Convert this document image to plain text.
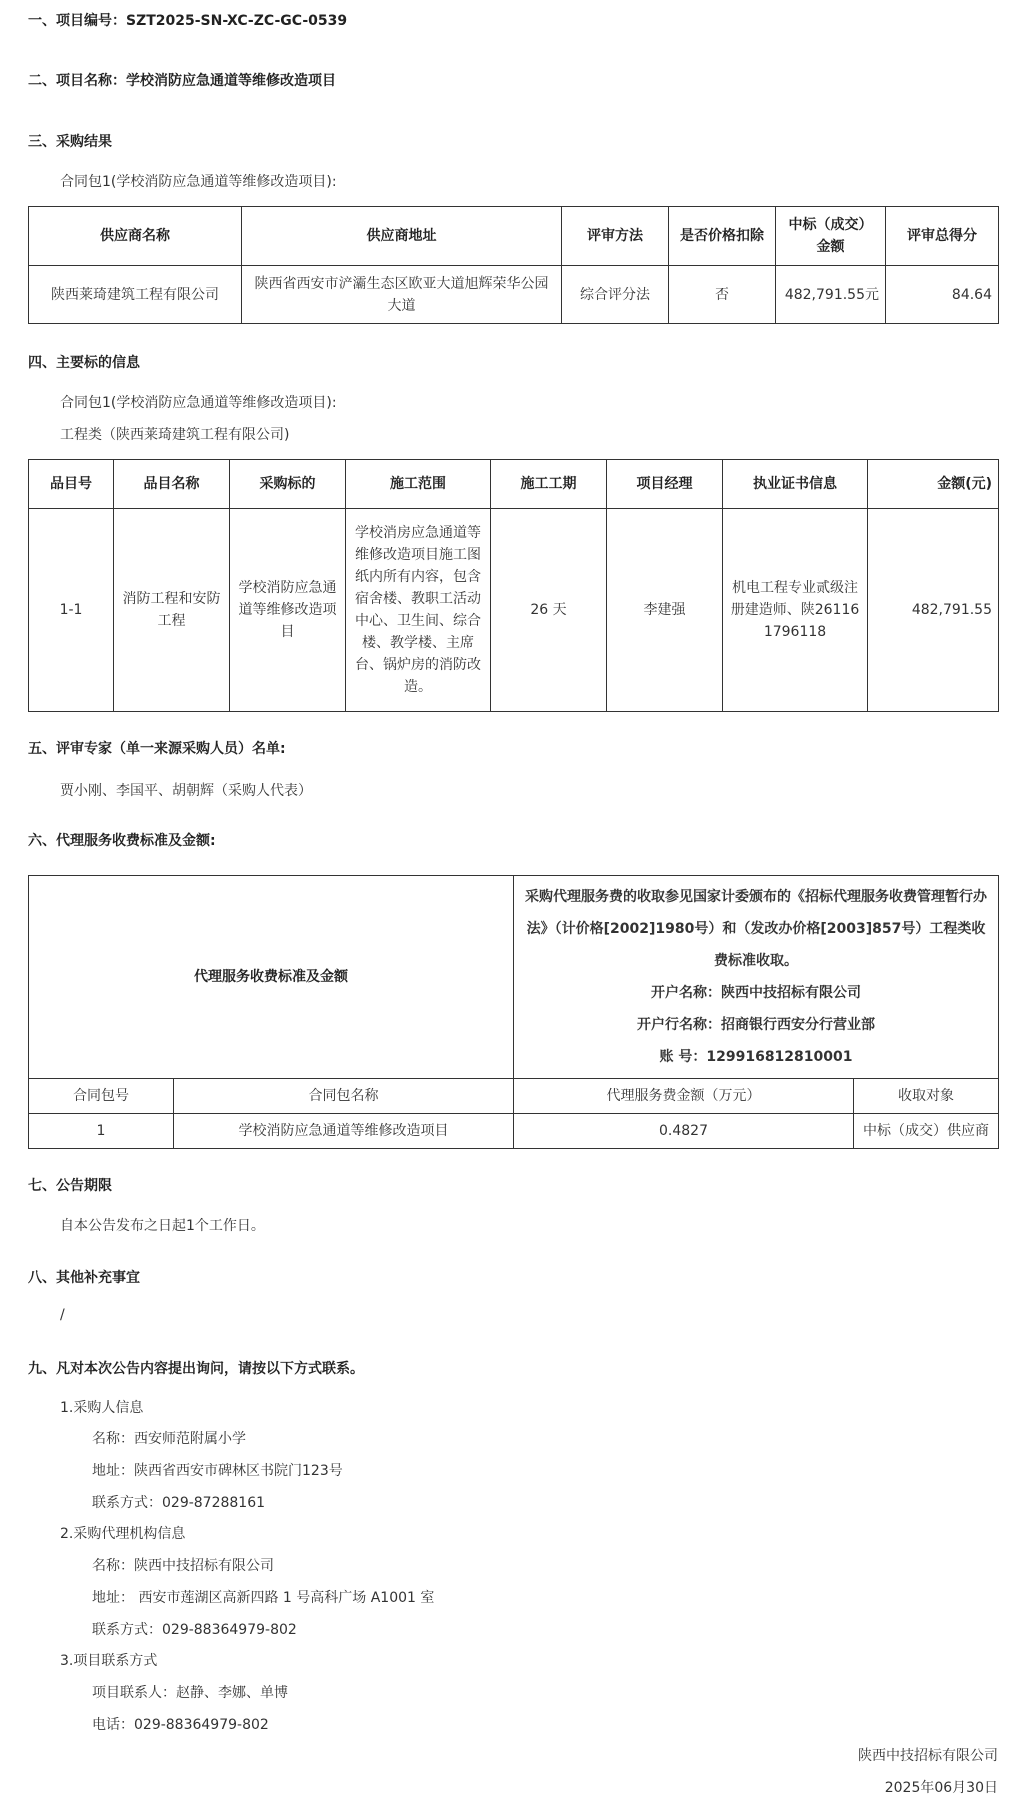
一、项目编号：SZT2025-SN-XC-ZC-GC-0539
二、项目名称：学校消防应急通道等维修改造项目
三、采购结果
合同包1(学校消防应急通道等维修改造项目):
供应商名称	供应商地址	评审方法	是否价格扣除	中标（成交）金额	评审总得分
陕西莱琦建筑工程有限公司	陕西省西安市浐灞生态区欧亚大道旭辉荣华公园大道	综合评分法	否	482,791.55元	84.64
四、主要标的信息
合同包1(学校消防应急通道等维修改造项目):
工程类（陕西莱琦建筑工程有限公司)
品目号	品目名称	采购标的	施工范围	施工工期	项目经理	执业证书信息	金额(元)
1-1	消防工程和安防工程	学校消防应急通道等维修改造项目	学校消房应急通道等维修改造项目施工图纸内所有内容，包含宿舍楼、教职工活动中心、卫生间、综合楼、教学楼、主席台、锅炉房的消防改造。	26 天	李建强	机电工程专业贰级注册建造师、陕261161796118	482,791.55
五、评审专家（单一来源采购人员）名单:
贾小刚、李国平、胡朝辉（采购人代表）
六、代理服务收费标准及金额:
代理服务收费标准及金额		采购代理服务费的收取参见国家计委颁布的《招标代理服务收费管理暂行办法》（计价格[2002]1980号）和（发改办价格[2003]857号）工程类收费标准收取。
开户名称：陕西中技招标有限公司
开户行名称：招商银行西安分行营业部
账 号：129916812810001	

合同包号	合同包名称	代理服务费金额（万元）	收取对象
1	学校消防应急通道等维修改造项目	0.4827	中标（成交）供应商
七、公告期限
自本公告发布之日起1个工作日。
八、其他补充事宜
/
九、凡对本次公告内容提出询问，请按以下方式联系。
1.采购人信息
名称：西安师范附属小学
地址：陕西省西安市碑林区书院门123号
联系方式：029-87288161
2.采购代理机构信息
名称：陕西中技招标有限公司
地址： 西安市莲湖区高新四路 1 号高科广场 A1001 室
联系方式：029-88364979-802
3.项目联系方式
项目联系人：赵静、李娜、单博
电话：029-88364979-802
陕西中技招标有限公司
2025年06月30日
